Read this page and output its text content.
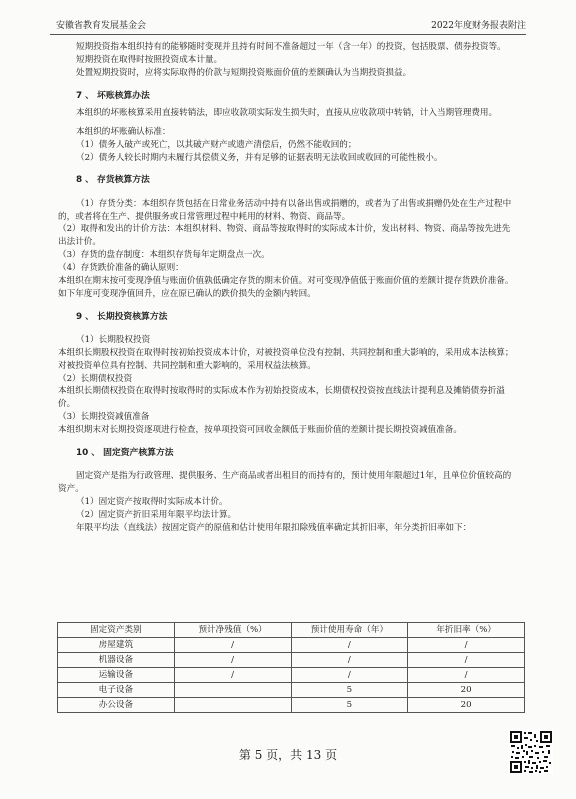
安徽省教育发展基金会	2022年度财务报表附注

短期投资指本组织持有的能够随时变现并且持有时间不准备超过一年（含一年）的投资，包括股票、债券投资等。

短期投资在取得时按照投资成本计量。

处置短期投资时，应将实际取得的价款与短期投资账面价值的差额确认为当期投资损益。

7 、 坏账核算办法

本组织的坏账核算采用直接转销法，即应收款项实际发生损失时，直接从应收款项中转销，计入当期管理费用。

本组织的坏账确认标准：

（1）债务人破产或死亡，以其破产财产或遗产清偿后，仍然不能收回的；

（2）债务人较长时期内未履行其偿债义务，并有足够的证据表明无法收回或收回的可能性极小。

8 、 存货核算方法

（1）存货分类：本组织存货包括在日常业务活动中持有以备出售或捐赠的，或者为了出售或捐赠仍处在生产过程中的，或者将在生产、提供服务或日常管理过程中耗用的材料、物资、商品等。

（2）取得和发出的计价方法：本组织材料、物资、商品等按取得时的实际成本计价，发出材料、物资、商品等按先进先出法计价。

（3）存货的盘存制度：本组织存货每年定期盘点一次。

（4）存货跌价准备的确认原则：

本组织在期末按可变现净值与账面价值孰低确定存货的期末价值。对可变现净值低于账面价值的差额计提存货跌价准备。如下年度可变现净值回升，应在原已确认的跌价损失的金额内转回。

9 、 长期投资核算方法

（1）长期股权投资

本组织长期股权投资在取得时按初始投资成本计价，对被投资单位没有控制、共同控制和重大影响的，采用成本法核算；对被投资单位具有控制、共同控制和重大影响的，采用权益法核算。

（2）长期债权投资

本组织长期债权投资在取得时按取得时的实际成本作为初始投资成本，长期债权投资按直线法计提利息及摊销债券折溢价。

（3）长期投资减值准备

本组织期末对长期投资逐项进行检查，按单项投资可回收金额低于账面价值的差额计提长期投资减值准备。

10 、 固定资产核算方法

固定资产是指为行政管理、提供服务、生产商品或者出租目的而持有的，预计使用年限超过1年，且单位价值较高的资产。

（1）固定资产按取得时实际成本计价。

（2）固定资产折旧采用年限平均法计算。

年限平均法（直线法）按固定资产的原值和估计使用年限扣除残值率确定其折旧率，年分类折旧率如下：

固定资产类别	预计净残值（%）	预计使用寿命（年）	年折旧率（%）
房屋建筑	/	/	/
机器设备	/	/	/
运输设备	/	/	/
电子设备		5	20
办公设备		5	20
第 5 页，共 13 页
